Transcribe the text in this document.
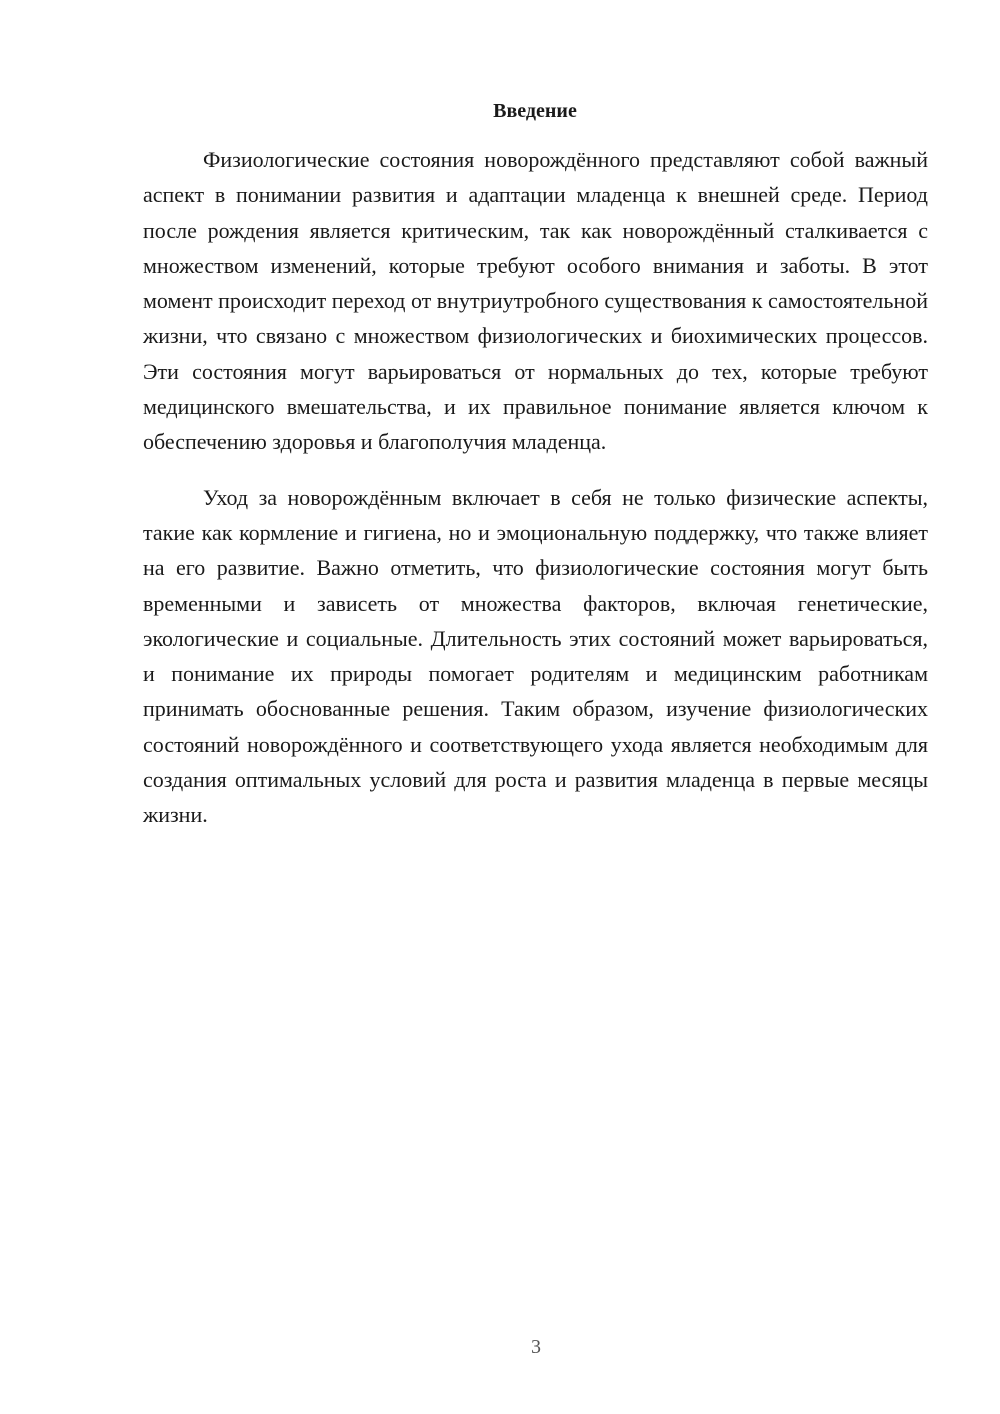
Введение

Физиологические состояния новорождённого представляют собой важный аспект в понимании развития и адаптации младенца к внешней среде. Период после рождения является критическим, так как новорождённый сталкивается с множеством изменений, которые требуют особого внимания и заботы. В этот момент происходит переход от внутриутробного существования к самостоятельной жизни, что связано с множеством физиологических и биохимических процессов. Эти состояния могут варьироваться от нормальных до тех, которые требуют медицинского вмешательства, и их правильное понимание является ключом к обеспечению здоровья и благополучия младенца.

Уход за новорождённым включает в себя не только физические аспекты, такие как кормление и гигиена, но и эмоциональную поддержку, что также влияет на его развитие. Важно отметить, что физиологические состояния могут быть временными и зависеть от множества факторов, включая генетические, экологические и социальные. Длительность этих состояний может варьироваться, и понимание их природы помогает родителям и медицинским работникам принимать обоснованные решения. Таким образом, изучение физиологических состояний новорождённого и соответствующего ухода является необходимым для создания оптимальных условий для роста и развития младенца в первые месяцы жизни.

3
